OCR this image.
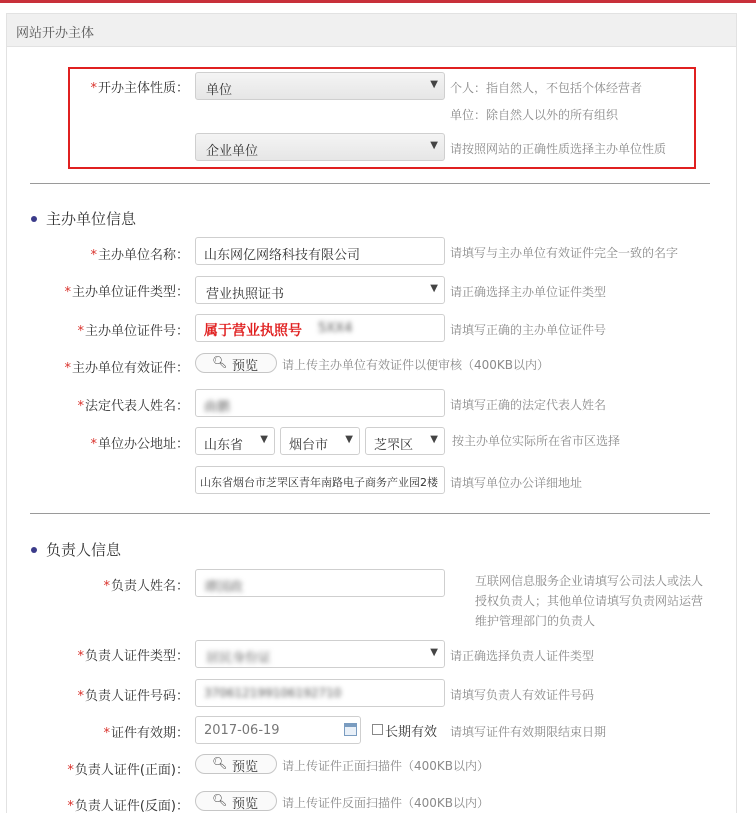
网站开办主体
*开办主体性质： 单位	▼ 个人：指自然人，不包括个体经营者
单位：除自然人以外的所有组织
企业单位	▼ 请按照网站的正确性质选择主办单位性质
主办单位信息
*主办单位名称： 山东网亿网络科技有限公司	请填写与主办单位有效证件完全一致的名字
*主办单位证件类型： 营业执照证书	▼ 请正确选择主办单位证件类型
*主办单位证件号： 属于营业执照号 5XX4	请填写正确的主办单位证件号
*主办单位有效证件： 🔍︎ 预览 请上传主办单位有效证件以便审核（400KB以内）
*法定代表人姓名： 曲鹏	请填写正确的法定代表人姓名
*单位办公地址： 山东省 ▼ 烟台市 ▼ 芝罘区 ▼ 按主办单位实际所在省市区选择
山东省烟台市芝罘区青年南路电子商务产业园2楼 请填写单位办公详细地址
负责人信息
*负责人姓名： 谭国政	互联网信息服务企业请填写公司法人或法人
授权负责人；其他单位请填写负责网站运营
维护管理部门的负责人
*负责人证件类型： 居民身份证	▼ 请正确选择负责人证件类型
*负责人证件号码： 370612199106192710	请填写负责人有效证件号码
*证件有效期： 2017-06-19	长期有效 请填写证件有效期限结束日期
*负责人证件(正面)： 🔍︎ 预览 请上传证件正面扫描件（400KB以内）
*负责人证件(反面)： 🔍︎ 预览 请上传证件反面扫描件（400KB以内）
